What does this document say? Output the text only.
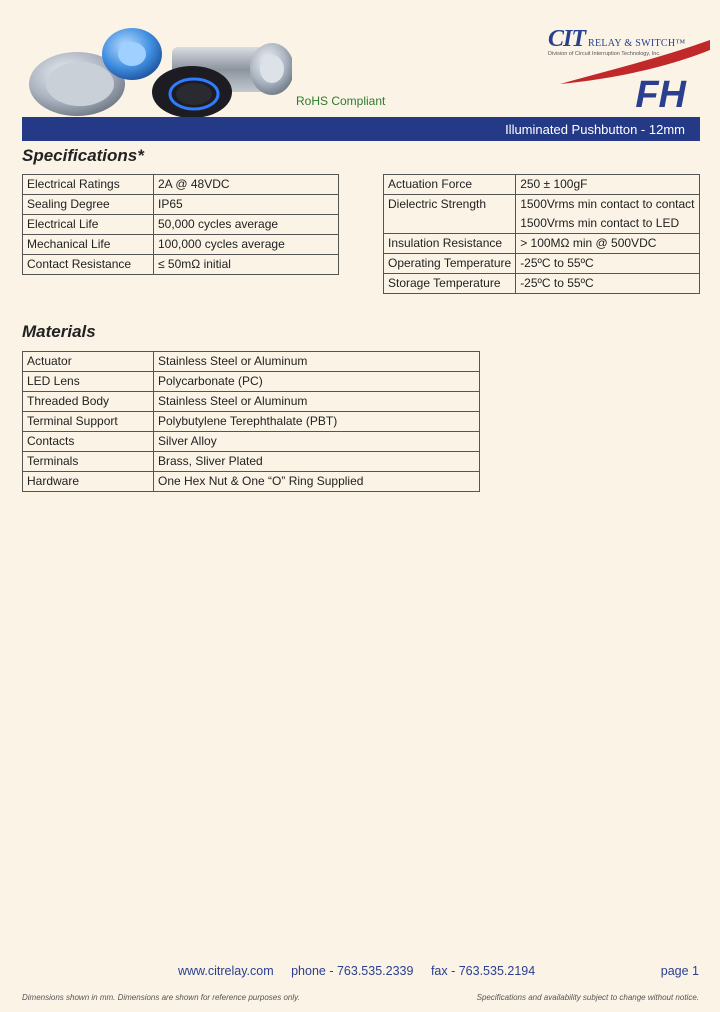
RoHS Compliant
CIT RELAY & SWITCH™
Division of Circuit Interruption Technology, Inc.
FH
Illuminated Pushbutton - 12mm
Specifications*
Electrical Ratings	2A @ 48VDC
Sealing Degree	IP65
Electrical Life	50,000 cycles average
Mechanical Life	100,000 cycles average
Contact Resistance	≤ 50mΩ initial
Actuation Force	250 ± 100gF
Dielectric Strength	1500Vrms min contact to contact
	1500Vrms min contact to LED
Insulation Resistance	> 100MΩ min @ 500VDC
Operating Temperature	-25ºC to 55ºC
Storage Temperature	-25ºC to 55ºC
Materials
Actuator	Stainless Steel or Aluminum
LED Lens	Polycarbonate (PC)
Threaded Body	Stainless Steel or Aluminum
Terminal Support	Polybutylene Terephthalate (PBT)
Contacts	Silver Alloy
Terminals	Brass, Sliver Plated
Hardware	One Hex Nut & One “O” Ring Supplied
www.citrelay.com phone - 763.535.2339 fax - 763.535.2194	page 1
Dimensions shown in mm. Dimensions are shown for reference purposes only.	Specifications and availability subject to change without notice.
